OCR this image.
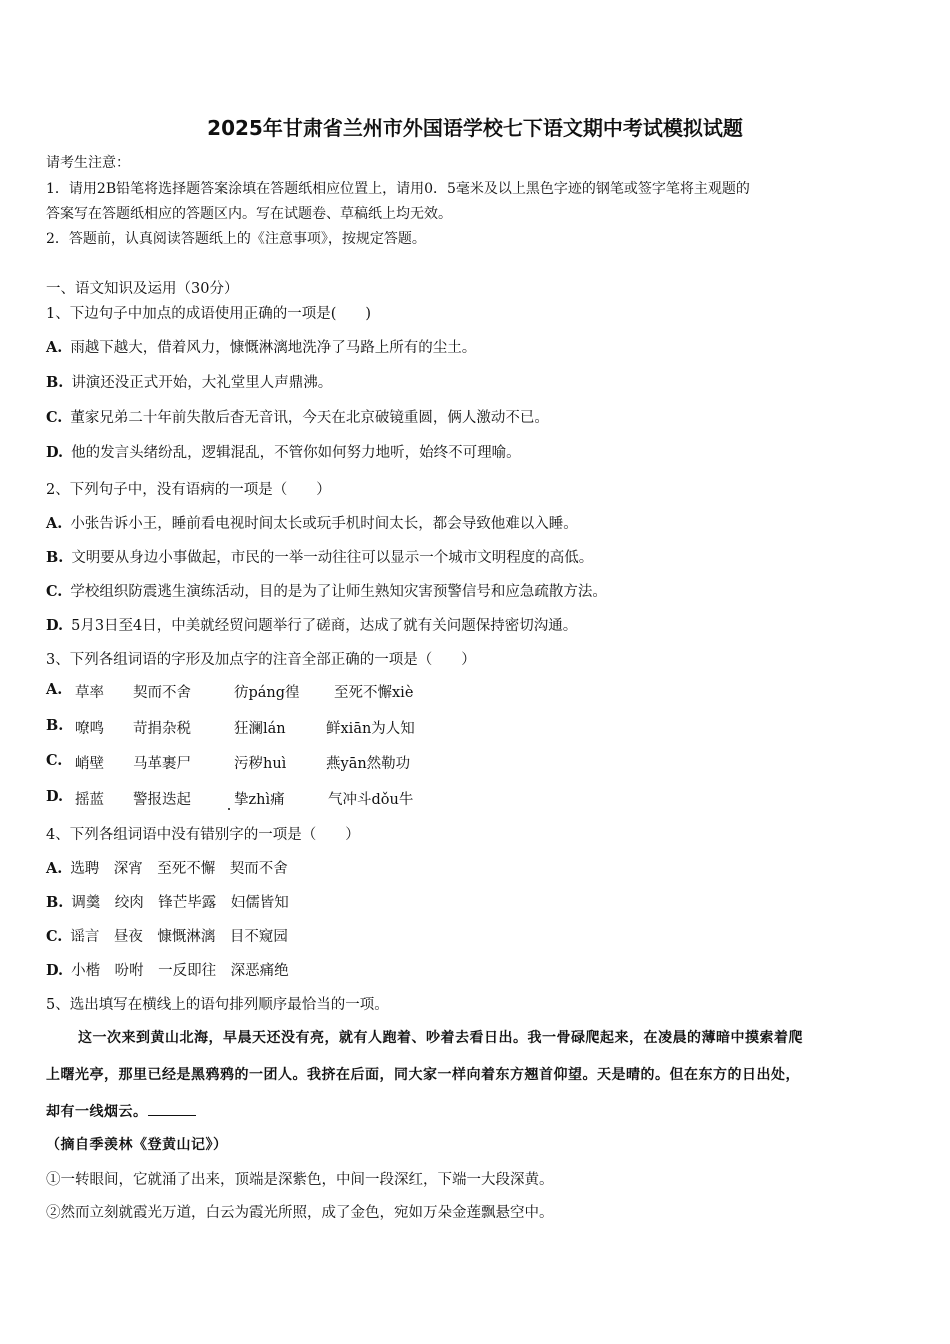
2025年甘肃省兰州市外国语学校七下语文期中考试模拟试题
请考生注意：
1．请用2B铅笔将选择题答案涂填在答题纸相应位置上，请用0．5毫米及以上黑色字迹的钢笔或签字笔将主观题的
答案写在答题纸相应的答题区内。写在试题卷、草稿纸上均无效。
2．答题前，认真阅读答题纸上的《注意事项》，按规定答题。
一、语文知识及运用（30分）
1、下边句子中加点的成语使用正确的一项是(　　)
A. 雨越下越大，借着风力，慷慨淋漓地洗净了马路上所有的尘土。
B. 讲演还没正式开始，大礼堂里人声鼎沸。
C. 董家兄弟二十年前失散后杳无音讯，今天在北京破镜重圆，俩人激动不已。
D. 他的发言头绪纷乱，逻辑混乱，不管你如何努力地听，始终不可理喻。
2、下列句子中，没有语病的一项是（　　）
A. 小张告诉小王，睡前看电视时间太长或玩手机时间太长，都会导致他难以入睡。
B. 文明要从身边小事做起，市民的一举一动往往可以显示一个城市文明程度的高低。
C. 学校组织防震逃生演练活动，目的是为了让师生熟知灾害预警信号和应急疏散方法。
D. 5月3日至4日，中美就经贸问题举行了磋商，达成了就有关问题保持密切沟通。
3、下列各组词语的字形及加点字的注音全部正确的一项是（　　）
A. 草率 契而不舍	彷páng徨 至死不懈xiè
B. 嘹鸣 苛捐杂税	狂澜lán	鲜xiān为人知
C. 峭壁 马革裹尸	污秽huì	燕yān然勒功
D. 摇蓝 警报迭起	挚zhì痛	气冲斗dǒu牛
4、下列各组词语中没有错别字的一项是（　　）
A. 选聘　深宵　至死不懈　契而不舍
B. 调羹　绞肉　锋芒毕露　妇儒皆知
C. 谣言　昼夜　慷慨淋漓　目不窥园
D. 小楷　吩咐　一反即往　深恶痛绝
5、选出填写在横线上的语句排列顺序最恰当的一项。
这一次来到黄山北海，早晨天还没有亮，就有人跑着、吵着去看日出。我一骨碌爬起来，在凌晨的薄暗中摸索着爬
上曙光亭，那里已经是黑鸦鸦的一团人。我挤在后面，同大家一样向着东方翘首仰望。天是晴的。但在东方的日出处，
却有一线烟云。
（摘自季羡林《登黄山记》）
①一转眼间，它就涌了出来，顶端是深紫色，中间一段深红，下端一大段深黄。
②然而立刻就霞光万道，白云为霞光所照，成了金色，宛如万朵金莲飘悬空中。
